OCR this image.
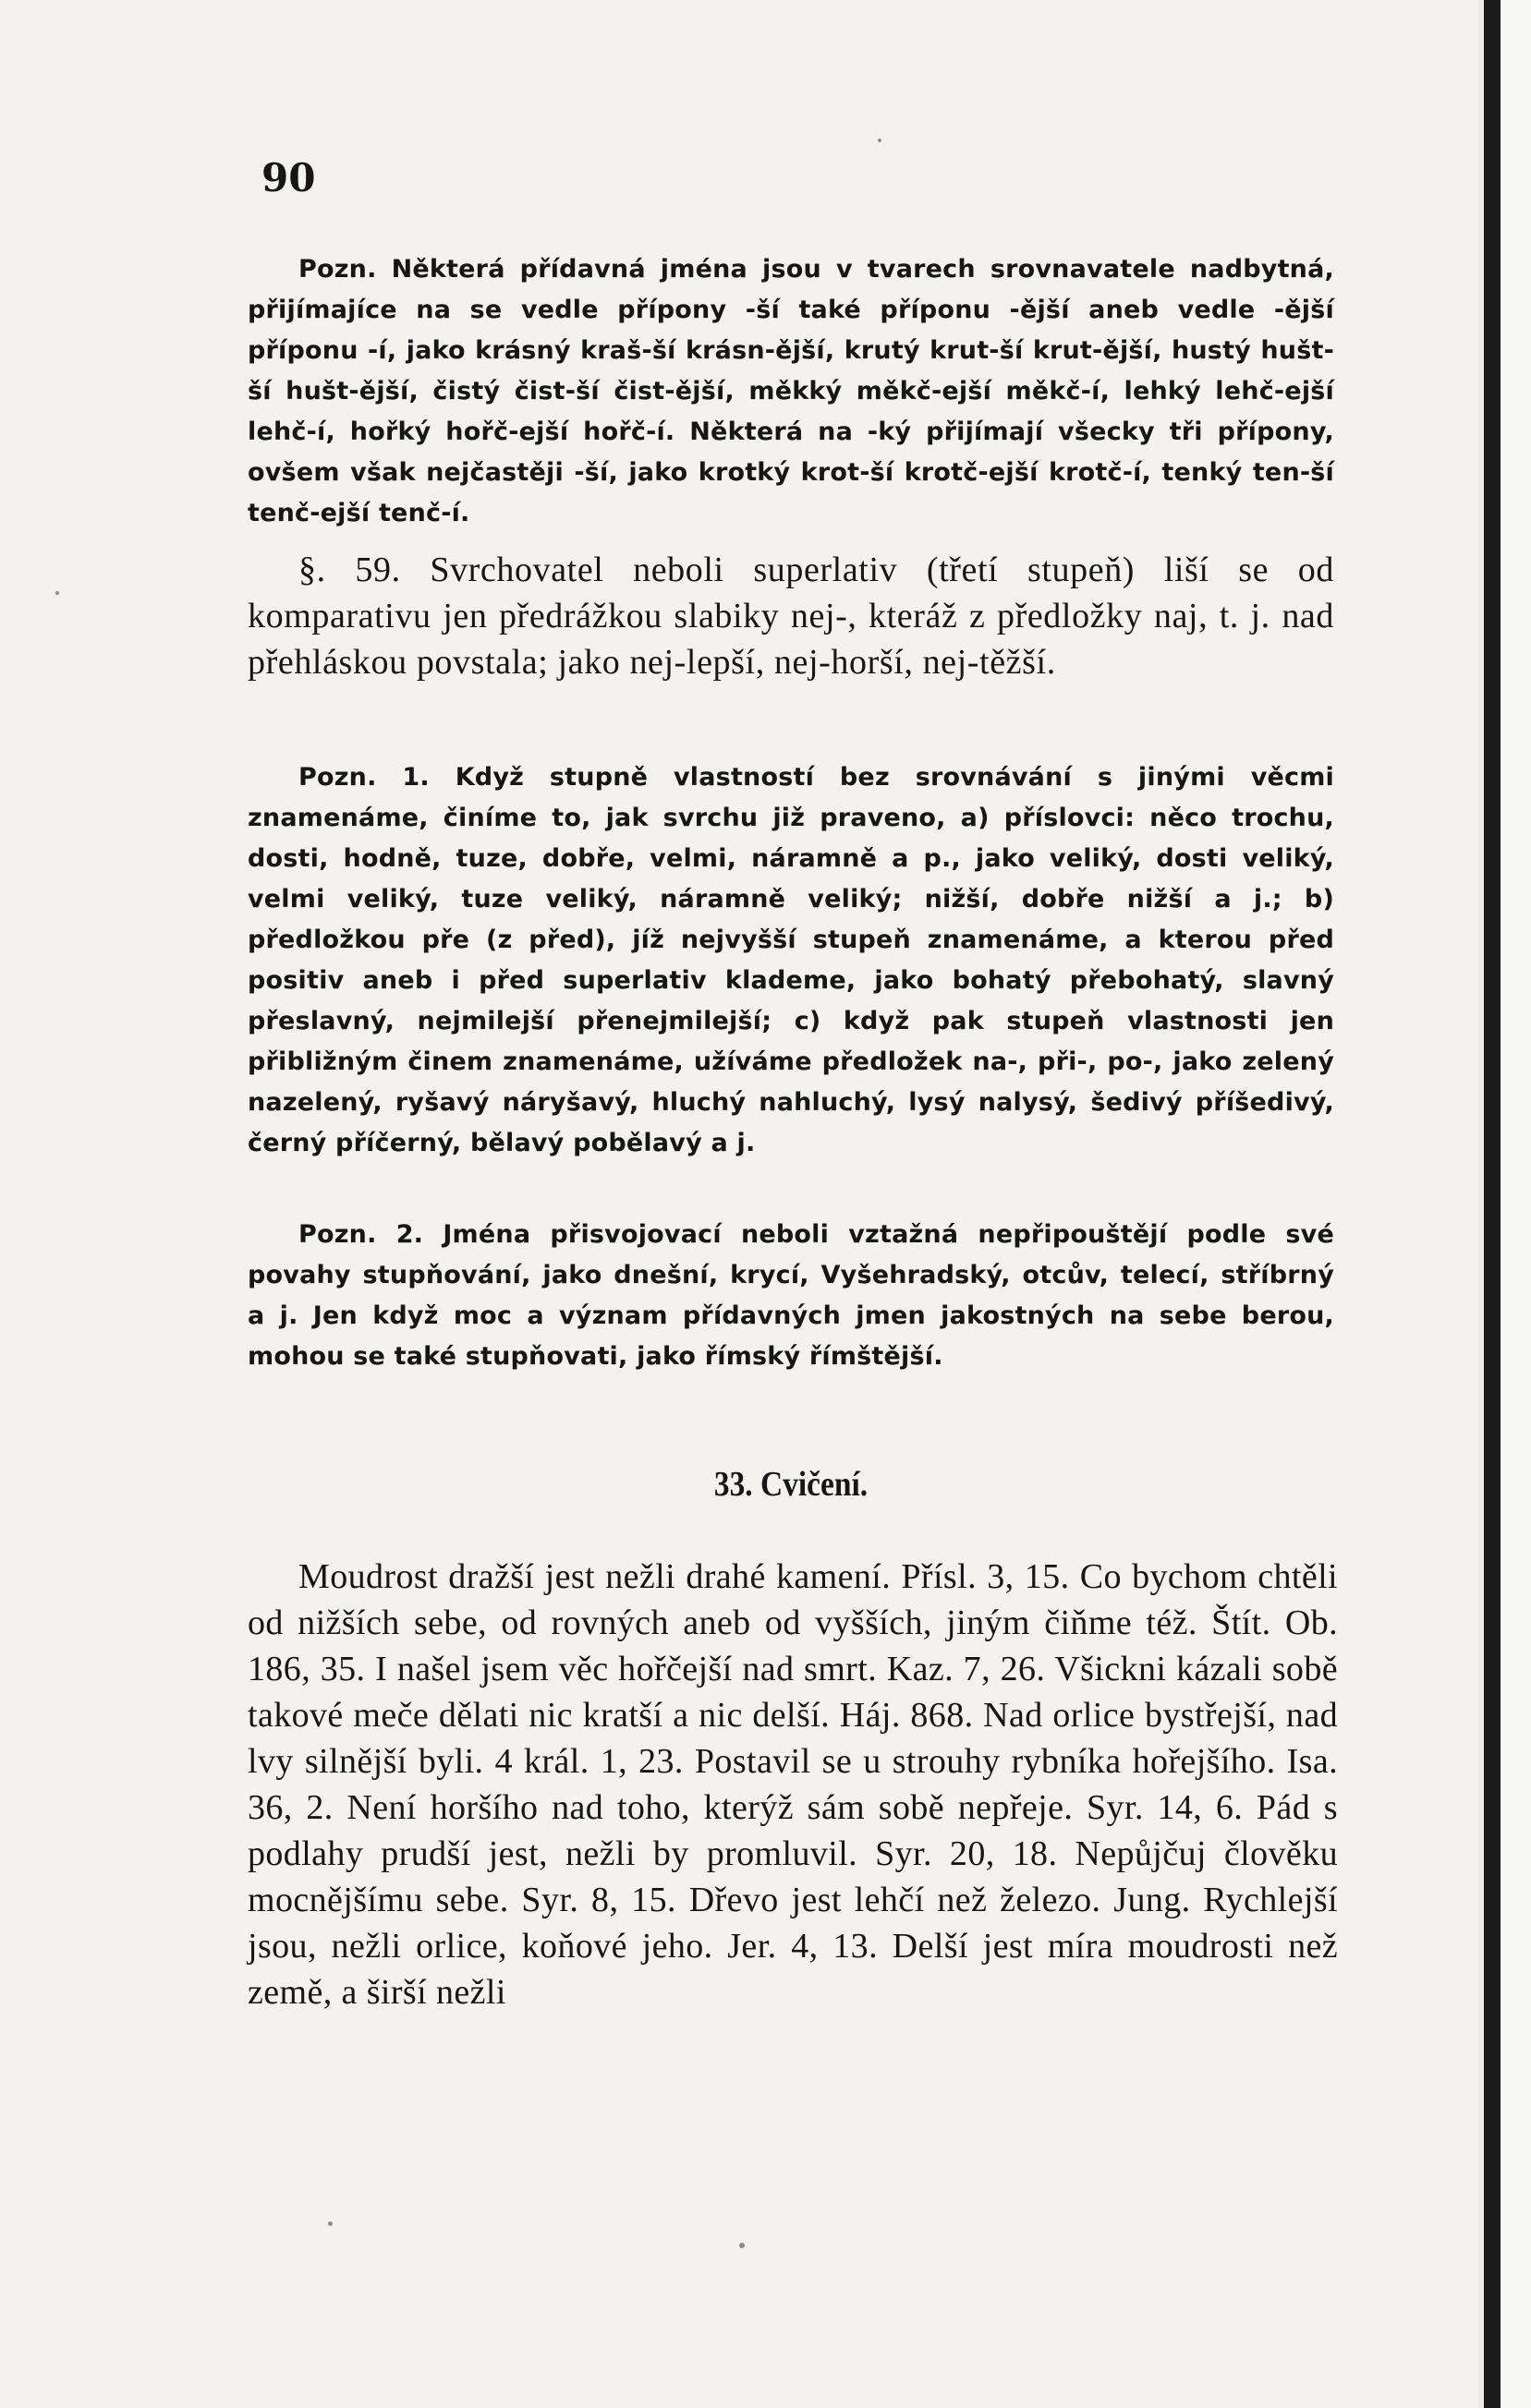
90

Pozn. Některá přídavná jména jsou v tvarech srovnavatele nadbytná, přijímajíce na se vedle přípony -ší také příponu -ější aneb vedle -ější příponu -í, jako krásný kraš-ší krásn-ější, krutý krut-ší krut-ější, hustý hušt-ší hušt-ější, čistý čist-ší čist-ější, měkký měkč-ejší měkč-í, lehký lehč-ejší lehč-í, hořký hořč-ejší hořč-í. Některá na -ký přijímají všecky tři přípony, ovšem však nejčastěji -ší, jako krotký krot-ší krotč-ejší krotč-í, tenký ten-ší tenč-ejší tenč-í.

§. 59. Svrchovatel neboli superlativ (třetí stupeň) liší se od komparativu jen předrážkou slabiky nej-, kteráž z předložky naj, t. j. nad přehláskou povstala; jako nej-lepší, nej-horší, nej-těžší.

Pozn. 1. Když stupně vlastností bez srovnávání s jinými věcmi znamenáme, činíme to, jak svrchu již praveno, a) příslovci: něco trochu, dosti, hodně, tuze, dobře, velmi, náramně a p., jako veliký, dosti veliký, velmi veliký, tuze veliký, náramně veliký; nižší, dobře nižší a j.; b) předložkou pře (z před), jíž nejvyšší stupeň znamenáme, a kterou před positiv aneb i před superlativ klademe, jako bohatý přebohatý, slavný přeslavný, nejmilejší přenejmilejší; c) když pak stupeň vlastnosti jen přibližným činem znamenáme, užíváme předložek na-, při-, po-, jako zelený nazelený, ryšavý náryšavý, hluchý nahluchý, lysý nalysý, šedivý příšedivý, černý příčerný, bělavý pobělavý a j.

Pozn. 2. Jména přisvojovací neboli vztažná nepřipouštějí podle své povahy stupňování, jako dnešní, krycí, Vyšehradský, otcův, telecí, stříbrný a j. Jen když moc a význam přídavných jmen jakostných na sebe berou, mohou se také stupňovati, jako římský římštější.

33. Cvičení.

Moudrost dražší jest nežli drahé kamení. Přísl. 3, 15. Co bychom chtěli od nižších sebe, od rovných aneb od vyšších, jiným čiňme též. Štít. Ob. 186, 35. I našel jsem věc hořčejší nad smrt. Kaz. 7, 26. Všickni kázali sobě takové meče dělati nic kratší a nic delší. Háj. 868. Nad orlice bystřejší, nad lvy silnější byli. 4 král. 1, 23. Postavil se u strouhy rybníka hořejšího. Isa. 36, 2. Není horšího nad toho, kterýž sám sobě nepřeje. Syr. 14, 6. Pád s podlahy prudší jest, nežli by promluvil. Syr. 20, 18. Nepůjčuj člověku mocnějšímu sebe. Syr. 8, 15. Dřevo jest lehčí než železo. Jung. Rychlejší jsou, nežli orlice, koňové jeho. Jer. 4, 13. Delší jest míra moudrosti než země, a širší nežli
